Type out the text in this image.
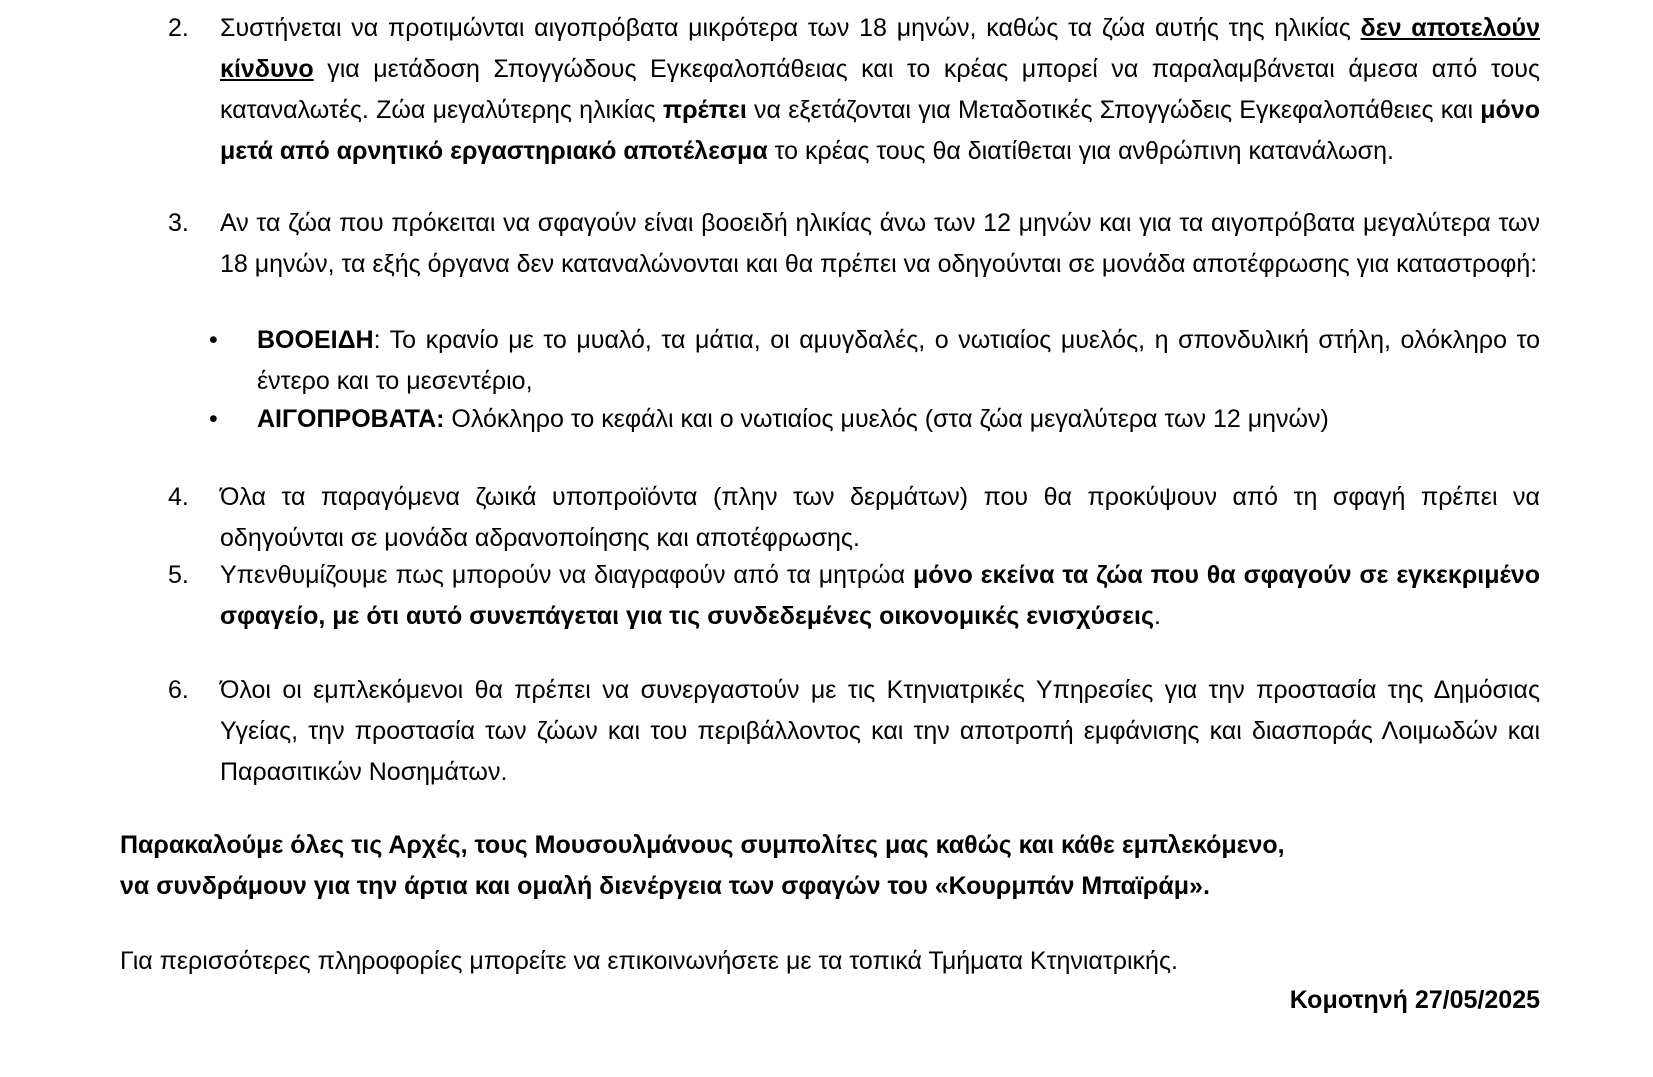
2.	Συστήνεται να προτιμώνται αιγοπρόβατα μικρότερα των 18 μηνών, καθώς τα ζώα αυτής της ηλικίας δεν αποτελούν κίνδυνο για μετάδοση Σπογγώδους Εγκεφαλοπάθειας και το κρέας μπορεί να παραλαμβάνεται άμεσα από τους καταναλωτές. Ζώα μεγαλύτερης ηλικίας πρέπει να εξετάζονται για Μεταδοτικές Σπογγώδεις Εγκεφαλοπάθειες και μόνο μετά από αρνητικό εργαστηριακό αποτέλεσμα το κρέας τους θα διατίθεται για ανθρώπινη κατανάλωση.
3.	Αν τα ζώα που πρόκειται να σφαγούν είναι βοοειδή ηλικίας άνω των 12 μηνών και για τα αιγοπρόβατα μεγαλύτερα των 18 μηνών, τα εξής όργανα δεν καταναλώνονται και θα πρέπει να οδηγούνται σε μονάδα αποτέφρωσης για καταστροφή:
• ΒΟΟΕΙΔΗ: Το κρανίο με το μυαλό, τα μάτια, οι αμυγδαλές, ο νωτιαίος μυελός, η σπονδυλική στήλη, ολόκληρο το έντερο και το μεσεντέριο,
• ΑΙΓΟΠΡΟΒΑΤΑ: Ολόκληρο το κεφάλι και ο νωτιαίος μυελός (στα ζώα μεγαλύτερα των 12 μηνών)
4.	Όλα τα παραγόμενα ζωικά υποπροϊόντα (πλην των δερμάτων) που θα προκύψουν από τη σφαγή πρέπει να οδηγούνται σε μονάδα αδρανοποίησης και αποτέφρωσης.
5.	Υπενθυμίζουμε πως μπορούν να διαγραφούν από τα μητρώα μόνο εκείνα τα ζώα που θα σφαγούν σε εγκεκριμένο σφαγείο, με ότι αυτό συνεπάγεται για τις συνδεδεμένες οικονομικές ενισχύσεις.
6.	Όλοι οι εμπλεκόμενοι θα πρέπει να συνεργαστούν με τις Κτηνιατρικές Υπηρεσίες για την προστασία της Δημόσιας Υγείας, την προστασία των ζώων και του περιβάλλοντος και την αποτροπή εμφάνισης και διασποράς Λοιμωδών και Παρασιτικών Νοσημάτων.
Παρακαλούμε όλες τις Αρχές, τους Μουσουλμάνους συμπολίτες μας καθώς και κάθε εμπλεκόμενο,
να συνδράμουν για την άρτια και ομαλή διενέργεια των σφαγών του «Κουρμπάν Μπαϊράμ».
Για περισσότερες πληροφορίες μπορείτε να επικοινωνήσετε με τα τοπικά Τμήματα Κτηνιατρικής.
Κομοτηνή 27/05/2025
